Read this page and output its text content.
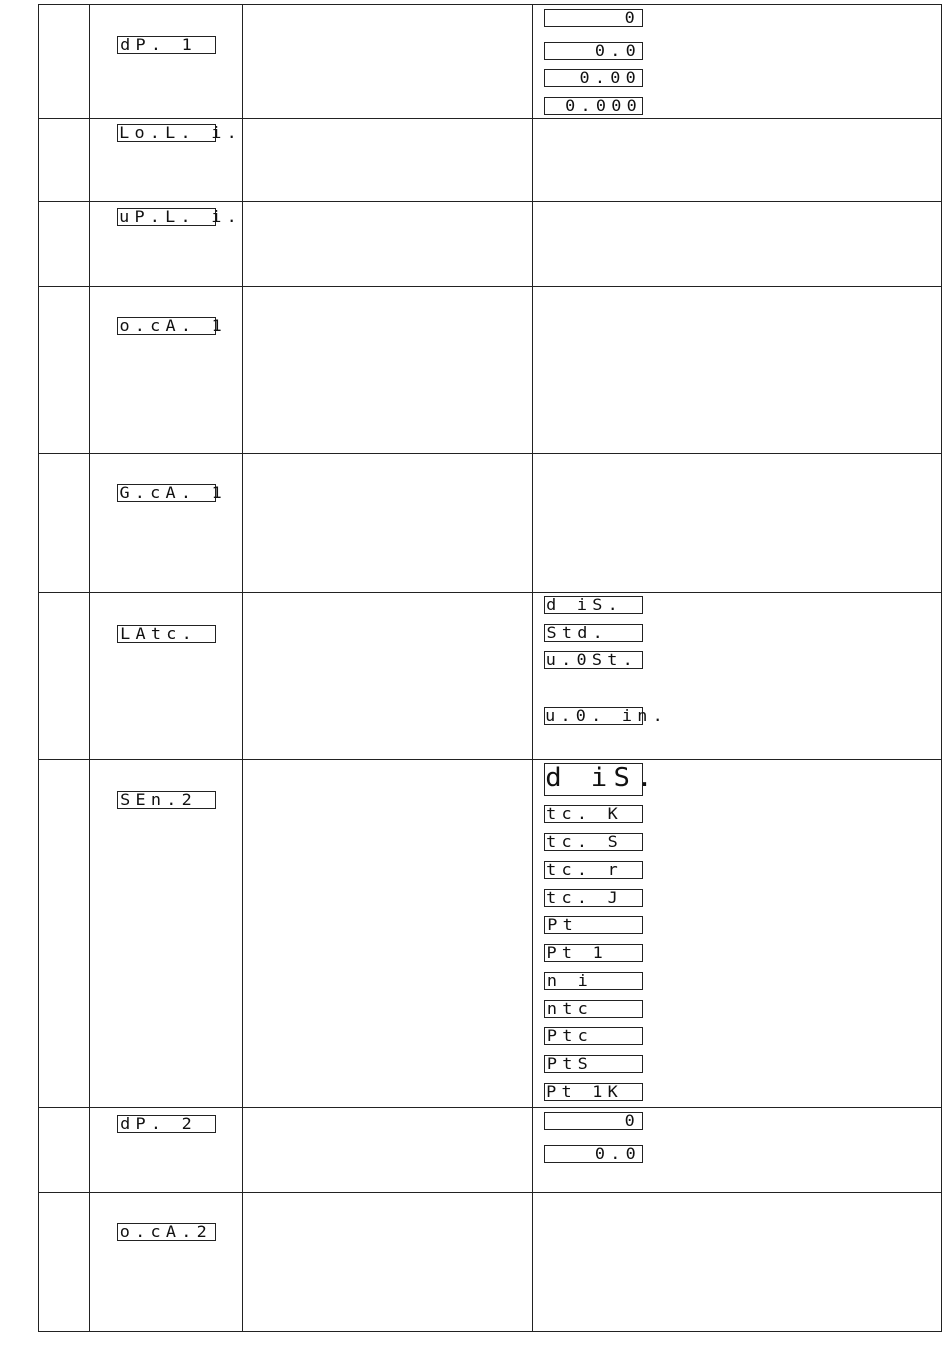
dP. 1
Lo.L. i.
uP.L. i.
o.cA. 1
G.cA. 1
LAtc.
SEn.2
dP. 2
o.cA.2
0
0.0
0.00
0.000
d iS.
Std.
u.0St.
u.0. in.
d iS.
tc. K
tc. S
tc. r
tc. J
Pt
Pt 1
n i
ntc
Ptc
PtS
Pt 1K
0
0.0
